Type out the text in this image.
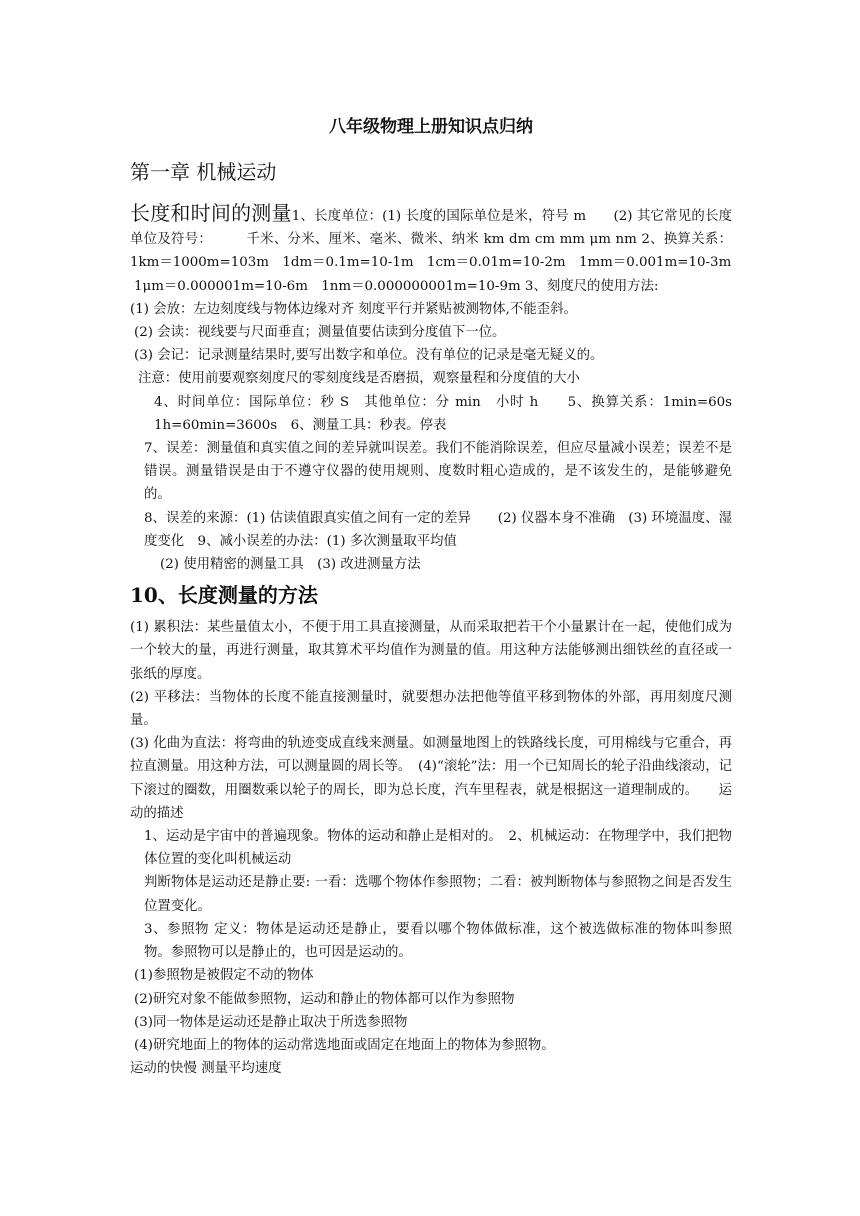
八年级物理上册知识点归纳
第一章 机械运动

长度和时间的测量1、长度单位：(1) 长度的国际单位是米，符号 m　　(2) 其它常见的长度单位及符号：　　　千米、分米、厘米、毫米、微米、纳米 km dm cm mm μm nm 2、换算关系： 1km＝1000m=103m　1dm＝0.1m=10-1m　1cm＝0.01m=10-2m　1mm＝0.001m=10-3m

1μm＝0.000001m=10-6m　1nm＝0.000000001m=10-9m 3、刻度尺的使用方法:

(1) 会放：左边刻度线与物体边缘对齐 刻度平行并紧贴被测物体,不能歪斜。

(2) 会读：视线要与尺面垂直；测量值要估读到分度值下一位。

(3) 会记：记录测量结果时,要写出数字和单位。没有单位的记录是毫无疑义的。

注意：使用前要观察刻度尺的零刻度线是否磨损，观察量程和分度值的大小

4、时间单位：国际单位：秒 S　其他单位：分 min　小时 h　　5、换算关系：1min=60s　1h=60min=3600s　6、测量工具：秒表。停表

7、误差：测量值和真实值之间的差异就叫误差。我们不能消除误差，但应尽量减小误差；误差不是错误。测量错误是由于不遵守仪器的使用规则、度数时粗心造成的，是不该发生的，是能够避免的。

8、误差的来源：(1) 估读值跟真实值之间有一定的差异　　(2) 仪器本身不准确　(3) 环境温度、湿度变化　9、减小误差的办法：(1) 多次测量取平均值

(2) 使用精密的测量工具　(3) 改进测量方法

10、长度测量的方法

(1) 累积法：某些量值太小，不便于用工具直接测量，从而采取把若干个小量累计在一起，使他们成为一个较大的量，再进行测量，取其算术平均值作为测量的值。用这种方法能够测出细铁丝的直径或一张纸的厚度。

(2) 平移法：当物体的长度不能直接测量时，就要想办法把他等值平移到物体的外部，再用刻度尺测量。

(3) 化曲为直法：将弯曲的轨迹变成直线来测量。如测量地图上的铁路线长度，可用棉线与它重合，再拉直测量。用这种方法，可以测量圆的周长等。　(4)“滚轮”法：用一个已知周长的轮子沿曲线滚动，记下滚过的圈数，用圈数乘以轮子的周长，即为总长度，汽车里程表，就是根据这一道理制成的。　　运动的描述

1、运动是宇宙中的普遍现象。物体的运动和静止是相对的。　2、机械运动：在物理学中，我们把物体位置的变化叫机械运动

判断物体是运动还是静止要: 一看：选哪个物体作参照物；二看：被判断物体与参照物之间是否发生位置变化。

3、参照物 定义：物体是运动还是静止，要看以哪个物体做标准，这个被选做标准的物体叫参照物。参照物可以是静止的，也可因是运动的。

(1)参照物是被假定不动的物体

(2)研究对象不能做参照物，运动和静止的物体都可以作为参照物

(3)同一物体是运动还是静止取决于所选参照物

(4)研究地面上的物体的运动常选地面或固定在地面上的物体为参照物。

运动的快慢 测量平均速度
